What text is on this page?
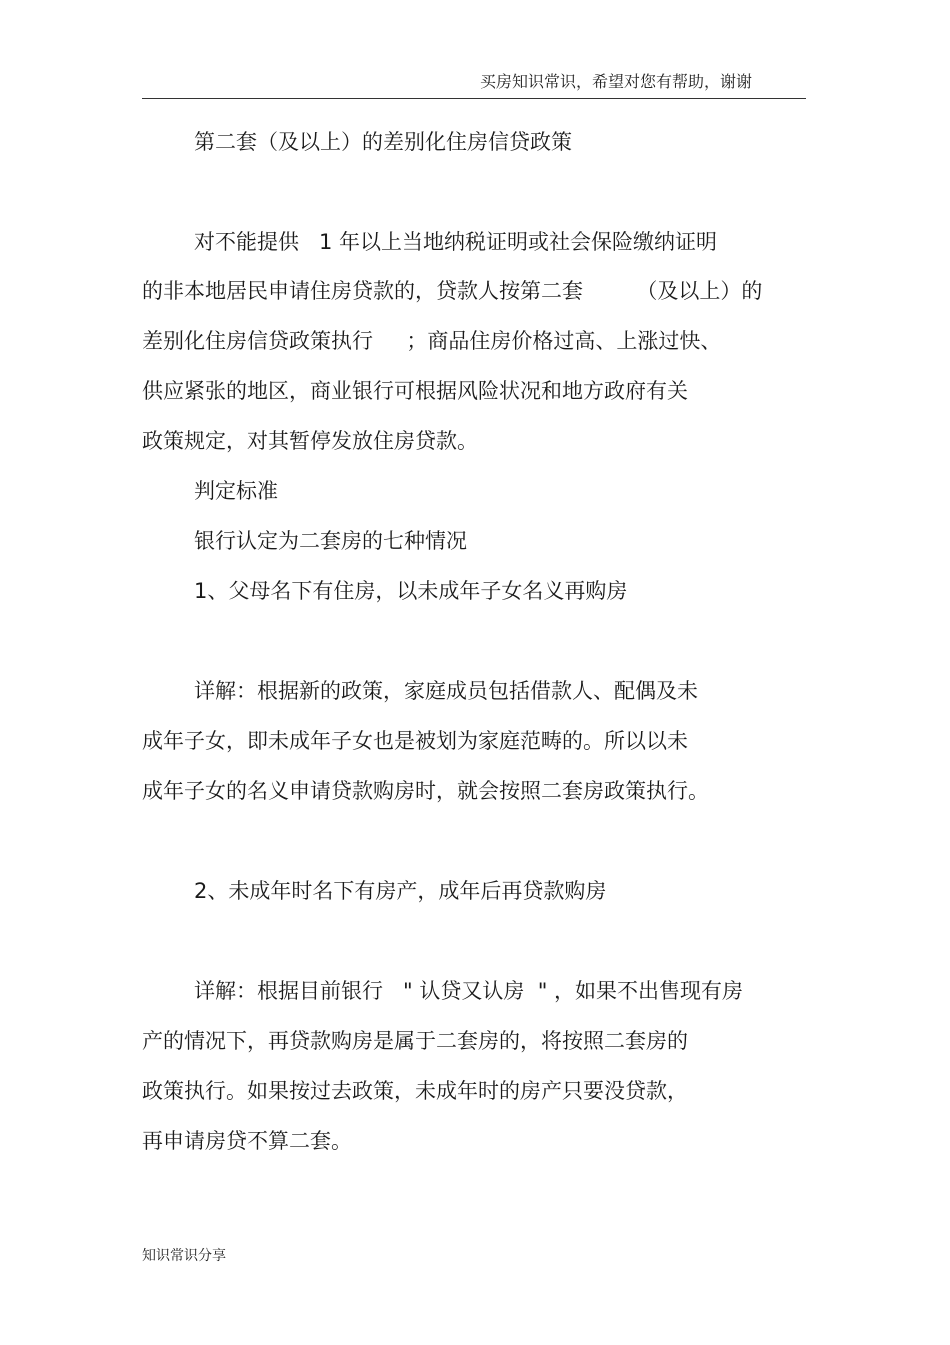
买房知识常识，希望对您有帮助，谢谢
第二套（及以上）的差别化住房信贷政策
对不能提供   1 年以上当地纳税证明或社会保险缴纳证明
的非本地居民申请住房贷款的，贷款人按第二套        （及以上）的
差别化住房信贷政策执行     ；商品住房价格过高、上涨过快、
供应紧张的地区，商业银行可根据风险状况和地方政府有关
政策规定，对其暂停发放住房贷款。
判定标准
银行认定为二套房的七种情况
1、父母名下有住房，以未成年子女名义再购房
详解：根据新的政策，家庭成员包括借款人、配偶及未
成年子女，即未成年子女也是被划为家庭范畴的。所以以未
成年子女的名义申请贷款购房时，就会按照二套房政策执行。
2、未成年时名下有房产，成年后再贷款购房
详解：根据目前银行   " 认贷又认房  " ，如果不出售现有房
产的情况下，再贷款购房是属于二套房的，将按照二套房的
政策执行。如果按过去政策，未成年时的房产只要没贷款，
再申请房贷不算二套。
知识常识分享
